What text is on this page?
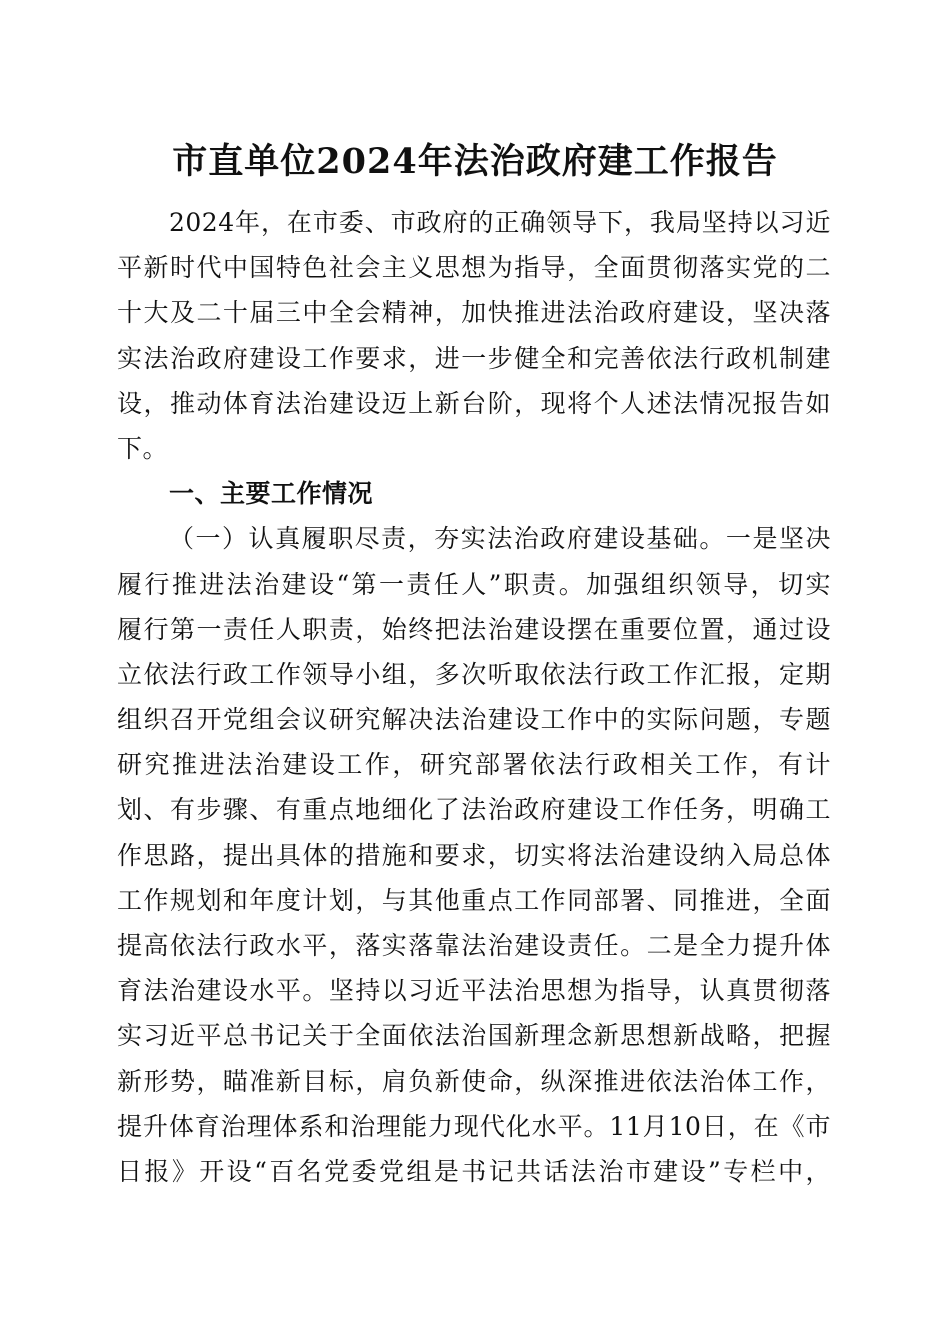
市直单位2024年法治政府建工作报告
2024年，在市委、市政府的正确领导下，我局坚持以习近
平新时代中国特色社会主义思想为指导，全面贯彻落实党的二
十大及二十届三中全会精神，加快推进法治政府建设，坚决落
实法治政府建设工作要求，进一步健全和完善依法行政机制建
设，推动体育法治建设迈上新台阶，现将个人述法情况报告如
下。
一、主要工作情况
（一）认真履职尽责，夯实法治政府建设基础。一是坚决
履行推进法治建设“第一责任人”职责。加强组织领导，切实
履行第一责任人职责，始终把法治建设摆在重要位置，通过设
立依法行政工作领导小组，多次听取依法行政工作汇报，定期
组织召开党组会议研究解决法治建设工作中的实际问题，专题
研究推进法治建设工作，研究部署依法行政相关工作，有计
划、有步骤、有重点地细化了法治政府建设工作任务，明确工
作思路，提出具体的措施和要求，切实将法治建设纳入局总体
工作规划和年度计划，与其他重点工作同部署、同推进，全面
提高依法行政水平，落实落靠法治建设责任。二是全力提升体
育法治建设水平。坚持以习近平法治思想为指导，认真贯彻落
实习近平总书记关于全面依法治国新理念新思想新战略，把握
新形势，瞄准新目标，肩负新使命，纵深推进依法治体工作，
提升体育治理体系和治理能力现代化水平。11月10日，在《市
日报》开设“百名党委党组是书记共话法治市建设”专栏中，
